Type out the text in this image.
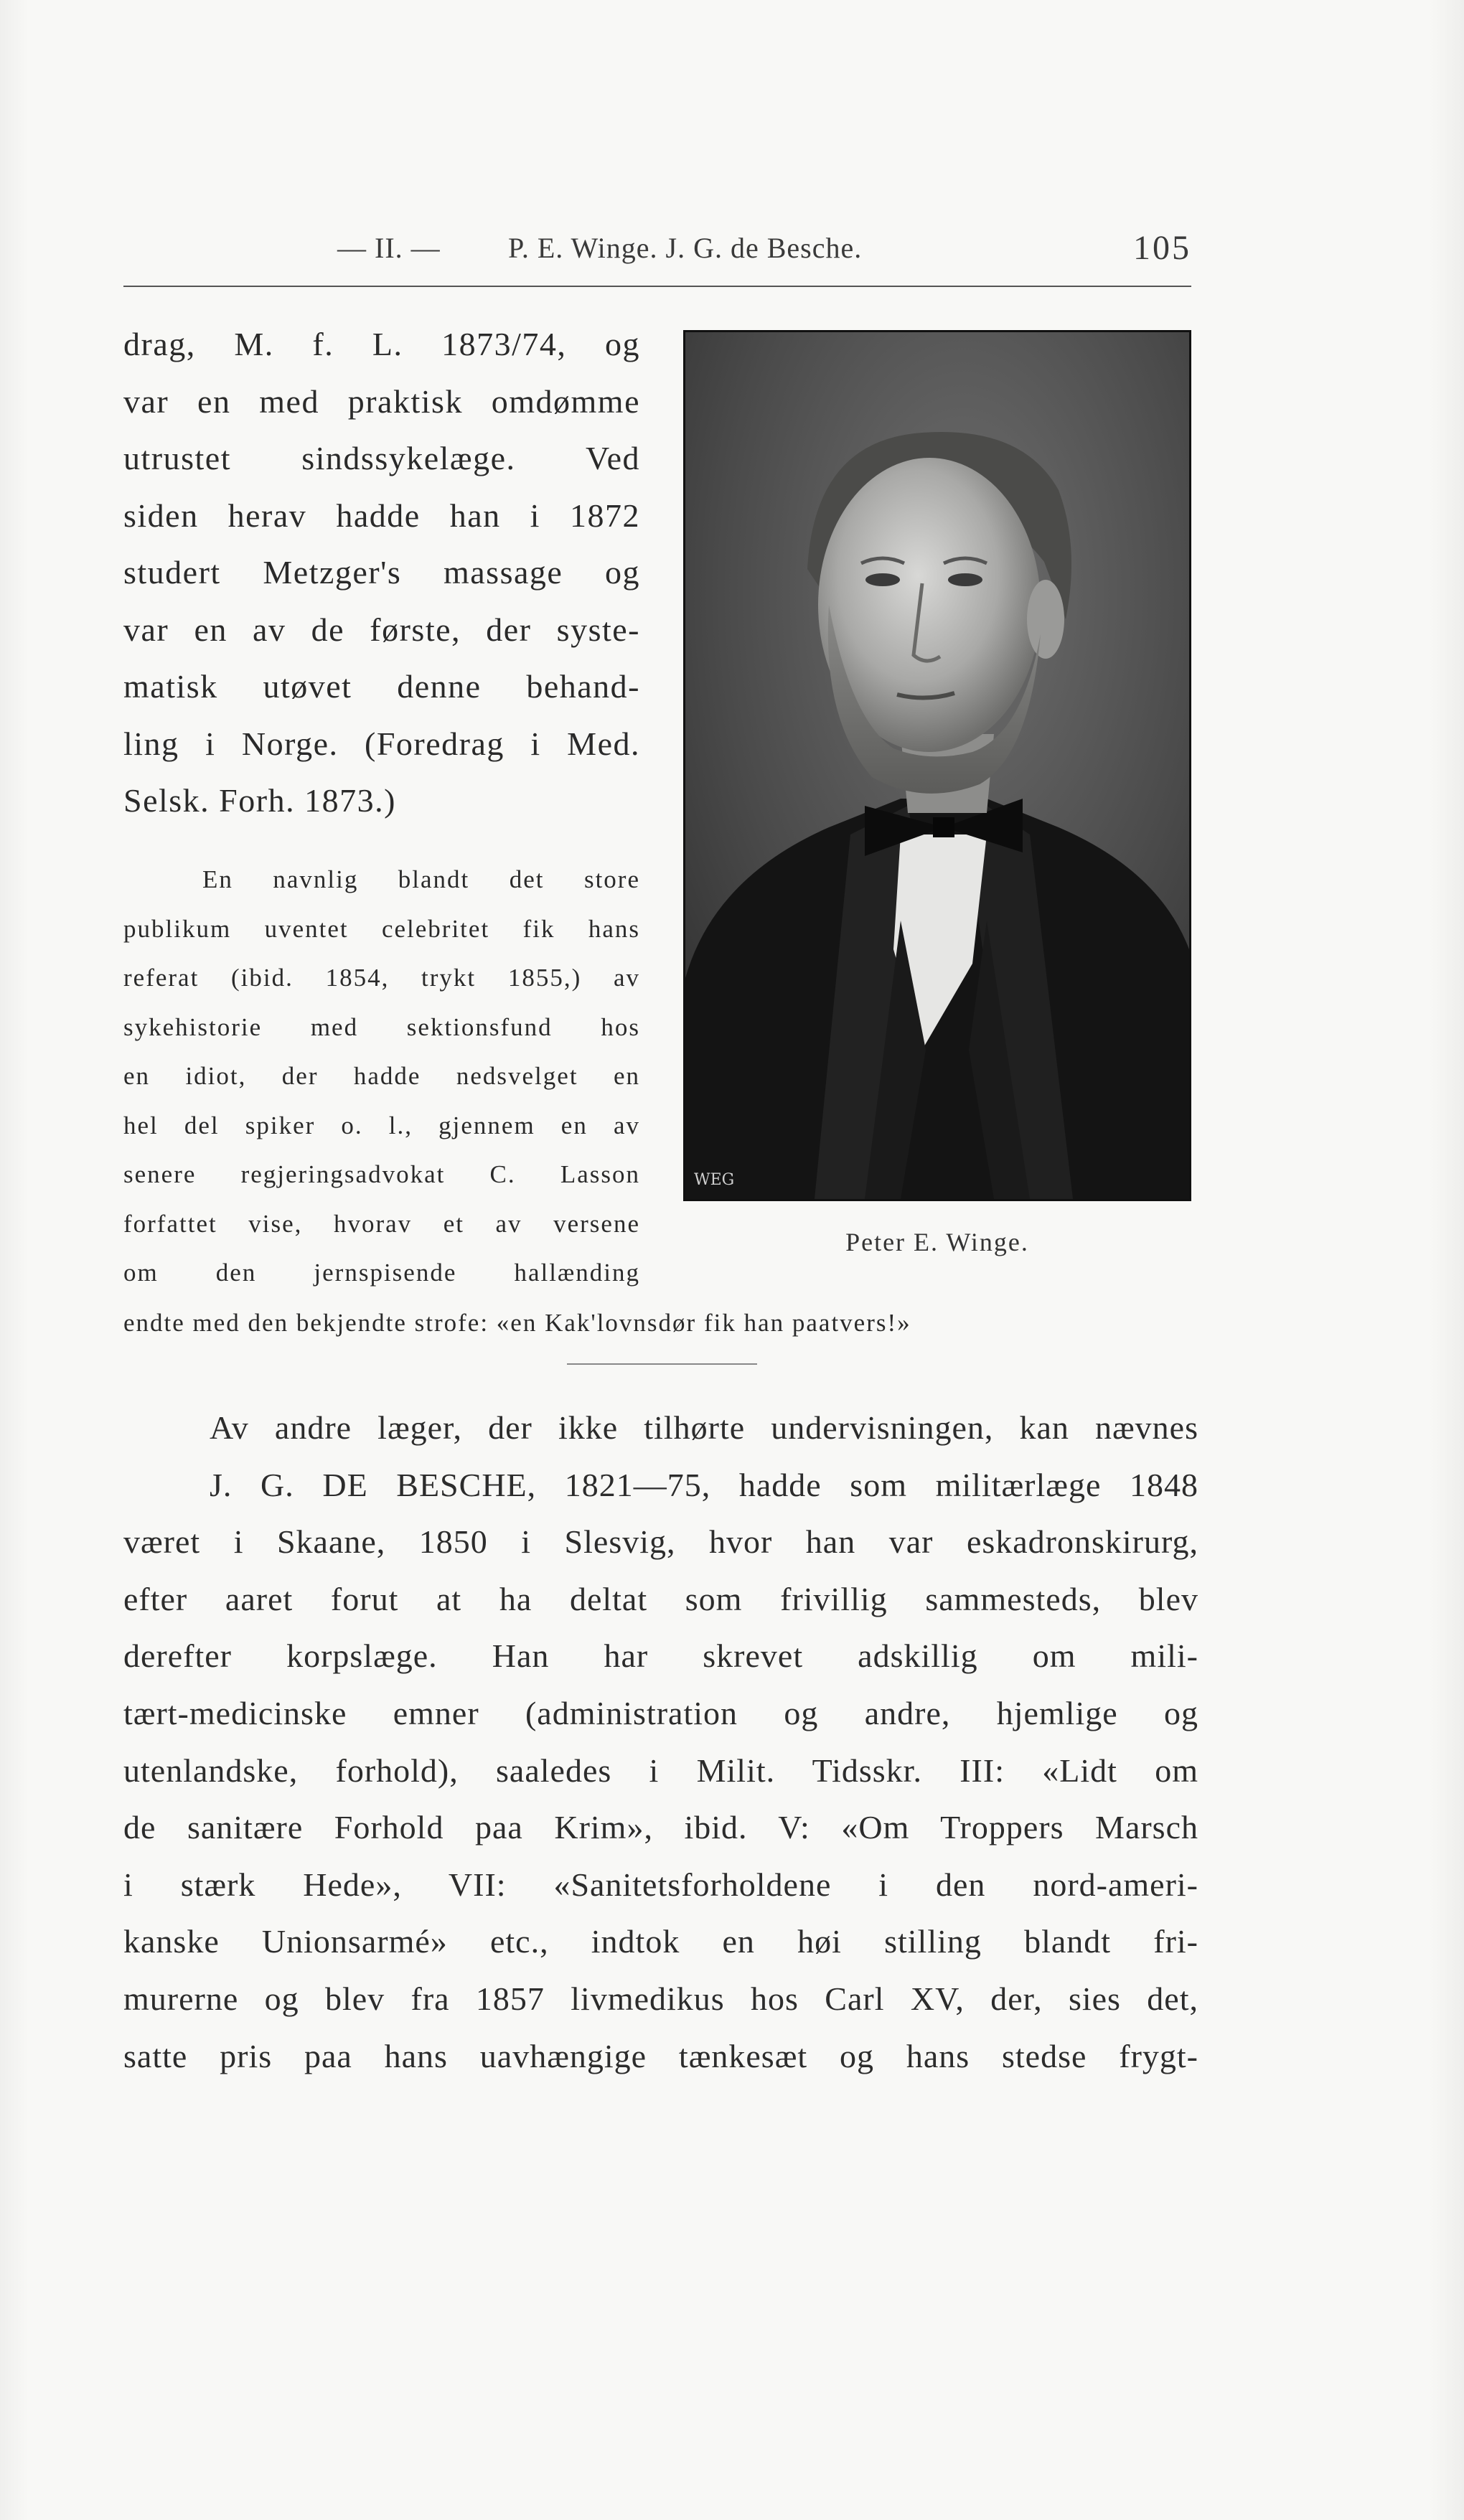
— II. — P. E. Winge. J. G. de Besche.	105
drag, M. f. L. 1873/74, og
var en med praktisk omdømme
utrustet sindssykelæge. Ved
siden herav hadde han i 1872
studert Metzger's massage og
var en av de første, der syste-
matisk utøvet denne behand-
ling i Norge. (Foredrag i Med.
Selsk. Forh. 1873.)
En navnlig blandt det store
publikum uventet celebritet fik hans
referat (ibid. 1854, trykt 1855,) av
sykehistorie med sektionsfund hos
en idiot, der hadde nedsvelget en
hel del spiker o. l., gjennem en av
senere regjeringsadvokat C. Lasson
forfattet vise, hvorav et av versene
om den jernspisende hallænding
endte med den bekjendte strofe: «en Kak'lovnsdør fik han paatvers!»
WEG
Peter E. Winge.
Av andre læger, der ikke tilhørte undervisningen, kan nævnes
J. G. DE BESCHE, 1821—75, hadde som militærlæge 1848
været i Skaane, 1850 i Slesvig, hvor han var eskadronskirurg,
efter aaret forut at ha deltat som frivillig sammesteds, blev
derefter korpslæge. Han har skrevet adskillig om mili-
tært-medicinske emner (administration og andre, hjemlige og
utenlandske, forhold), saaledes i Milit. Tidsskr. III: «Lidt om
de sanitære Forhold paa Krim», ibid. V: «Om Troppers Marsch
i stærk Hede», VII: «Sanitetsforholdene i den nord-ameri-
kanske Unionsarmé» etc., indtok en høi stilling blandt fri-
murerne og blev fra 1857 livmedikus hos Carl XV, der, sies det,
satte pris paa hans uavhængige tænkesæt og hans stedse frygt-
